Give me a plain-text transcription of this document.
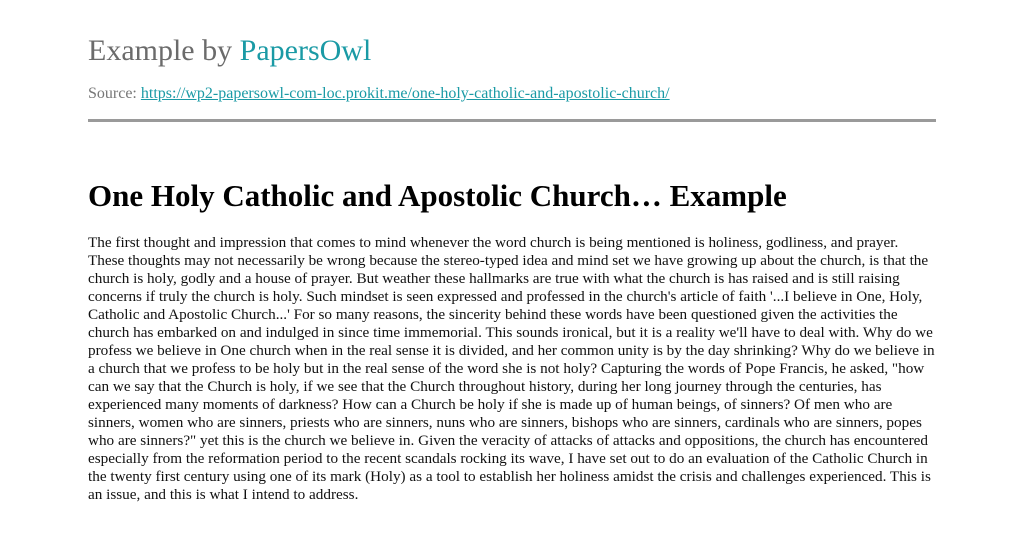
Example by PapersOwl
Source: https://wp2-papersowl-com-loc.prokit.me/one-holy-catholic-and-apostolic-church/
One Holy Catholic and Apostolic Church… Example
The first thought and impression that comes to mind whenever the word church is being mentioned is holiness, godliness, and prayer. These thoughts may not necessarily be wrong because the stereo-typed idea and mind set we have growing up about the church, is that the church is holy, godly and a house of prayer. But weather these hallmarks are true with what the church is has raised and is still raising concerns if truly the church is holy. Such mindset is seen expressed and professed in the church's article of faith '...I believe in One, Holy, Catholic and Apostolic Church...' For so many reasons, the sincerity behind these words have been questioned given the activities the church has embarked on and indulged in since time immemorial. This sounds ironical, but it is a reality we'll have to deal with. Why do we profess we believe in One church when in the real sense it is divided, and her common unity is by the day shrinking? Why do we believe in a church that we profess to be holy but in the real sense of the word she is not holy? Capturing the words of Pope Francis, he asked, "how can we say that the Church is holy, if we see that the Church throughout history, during her long journey through the centuries, has experienced many moments of darkness? How can a Church be holy if she is made up of human beings, of sinners? Of men who are sinners, women who are sinners, priests who are sinners, nuns who are sinners, bishops who are sinners, cardinals who are sinners, popes who are sinners?" yet this is the church we believe in. Given the veracity of attacks of attacks and oppositions, the church has encountered especially from the reformation period to the recent scandals rocking its wave, I have set out to do an evaluation of the Catholic Church in the twenty first century using one of its mark (Holy) as a tool to establish her holiness amidst the crisis and challenges experienced. This is an issue, and this is what I intend to address.
